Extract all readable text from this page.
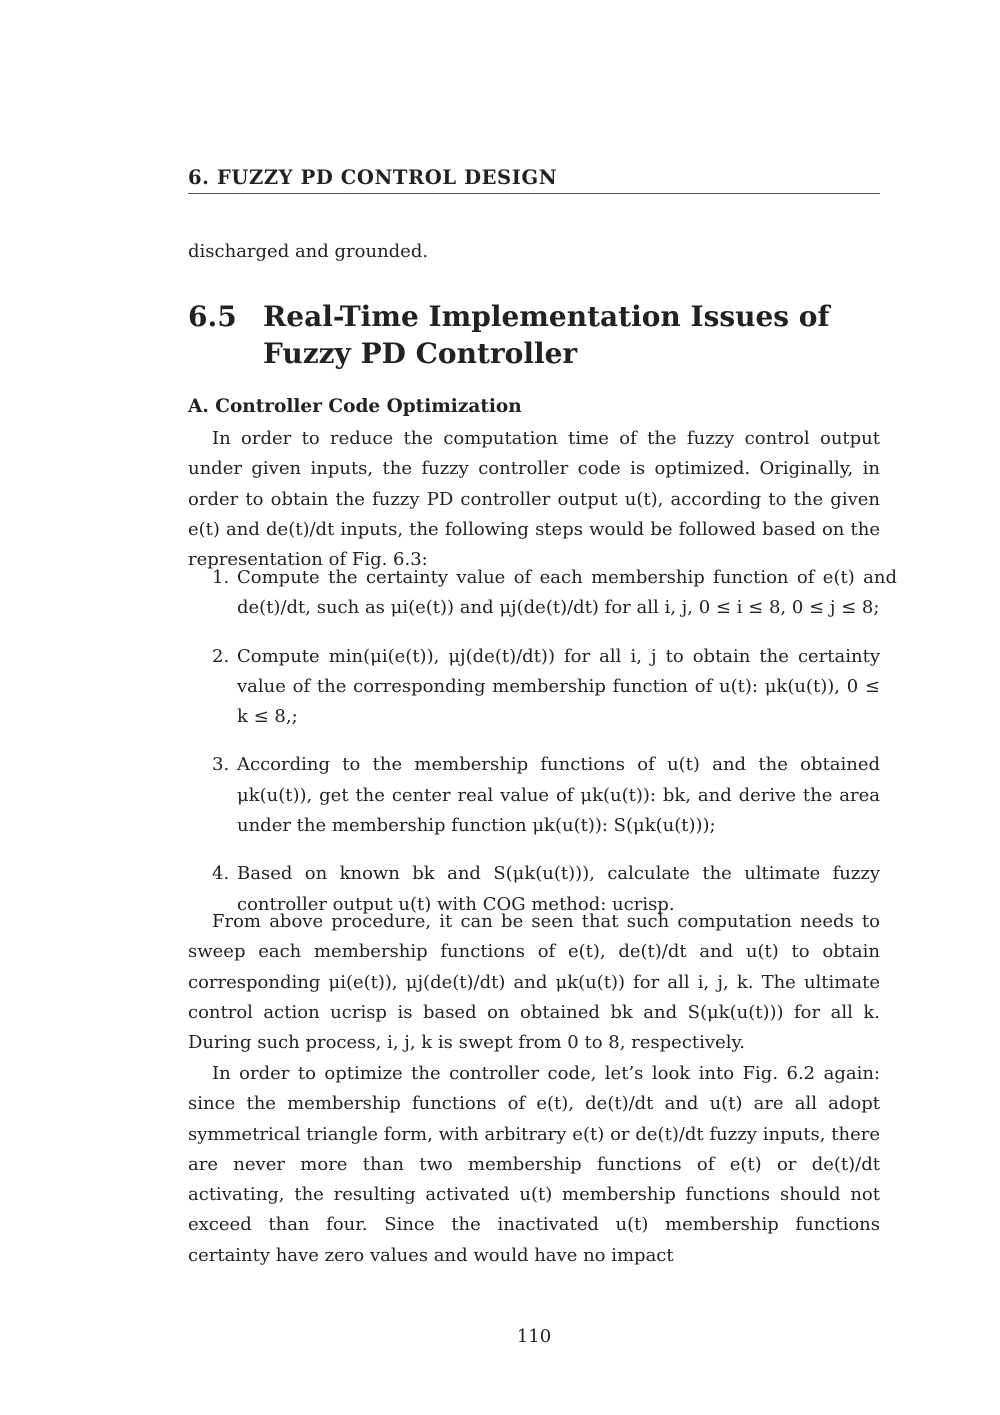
6. FUZZY PD CONTROL DESIGN
discharged and grounded.
6.5 Real-Time Implementation Issues of Fuzzy PD Controller
A. Controller Code Optimization
In order to reduce the computation time of the fuzzy control output under given inputs, the fuzzy controller code is optimized. Originally, in order to obtain the fuzzy PD controller output u(t), according to the given e(t) and de(t)/dt inputs, the following steps would be followed based on the representation of Fig. 6.3:
1. Compute the certainty value of each membership function of e(t) and de(t)/dt, such as μi(e(t)) and μj(de(t)/dt) for all i, j, 0 ≤ i ≤ 8, 0 ≤ j ≤ 8;
2. Compute min(μi(e(t)), μj(de(t)/dt)) for all i, j to obtain the certainty value of the corresponding membership function of u(t): μk(u(t)), 0 ≤ k ≤ 8,;
3. According to the membership functions of u(t) and the obtained μk(u(t)), get the center real value of μk(u(t)): bk, and derive the area under the membership function μk(u(t)): S(μk(u(t)));
4. Based on known bk and S(μk(u(t))), calculate the ultimate fuzzy controller output u(t) with COG method: ucrisp.
From above procedure, it can be seen that such computation needs to sweep each membership functions of e(t), de(t)/dt and u(t) to obtain corresponding μi(e(t)), μj(de(t)/dt) and μk(u(t)) for all i, j, k. The ultimate control action ucrisp is based on obtained bk and S(μk(u(t))) for all k. During such process, i, j, k is swept from 0 to 8, respectively.
In order to optimize the controller code, let’s look into Fig. 6.2 again: since the membership functions of e(t), de(t)/dt and u(t) are all adopt symmetrical triangle form, with arbitrary e(t) or de(t)/dt fuzzy inputs, there are never more than two membership functions of e(t) or de(t)/dt activating, the resulting activated u(t) membership functions should not exceed than four. Since the inactivated u(t) membership functions certainty have zero values and would have no impact
110
